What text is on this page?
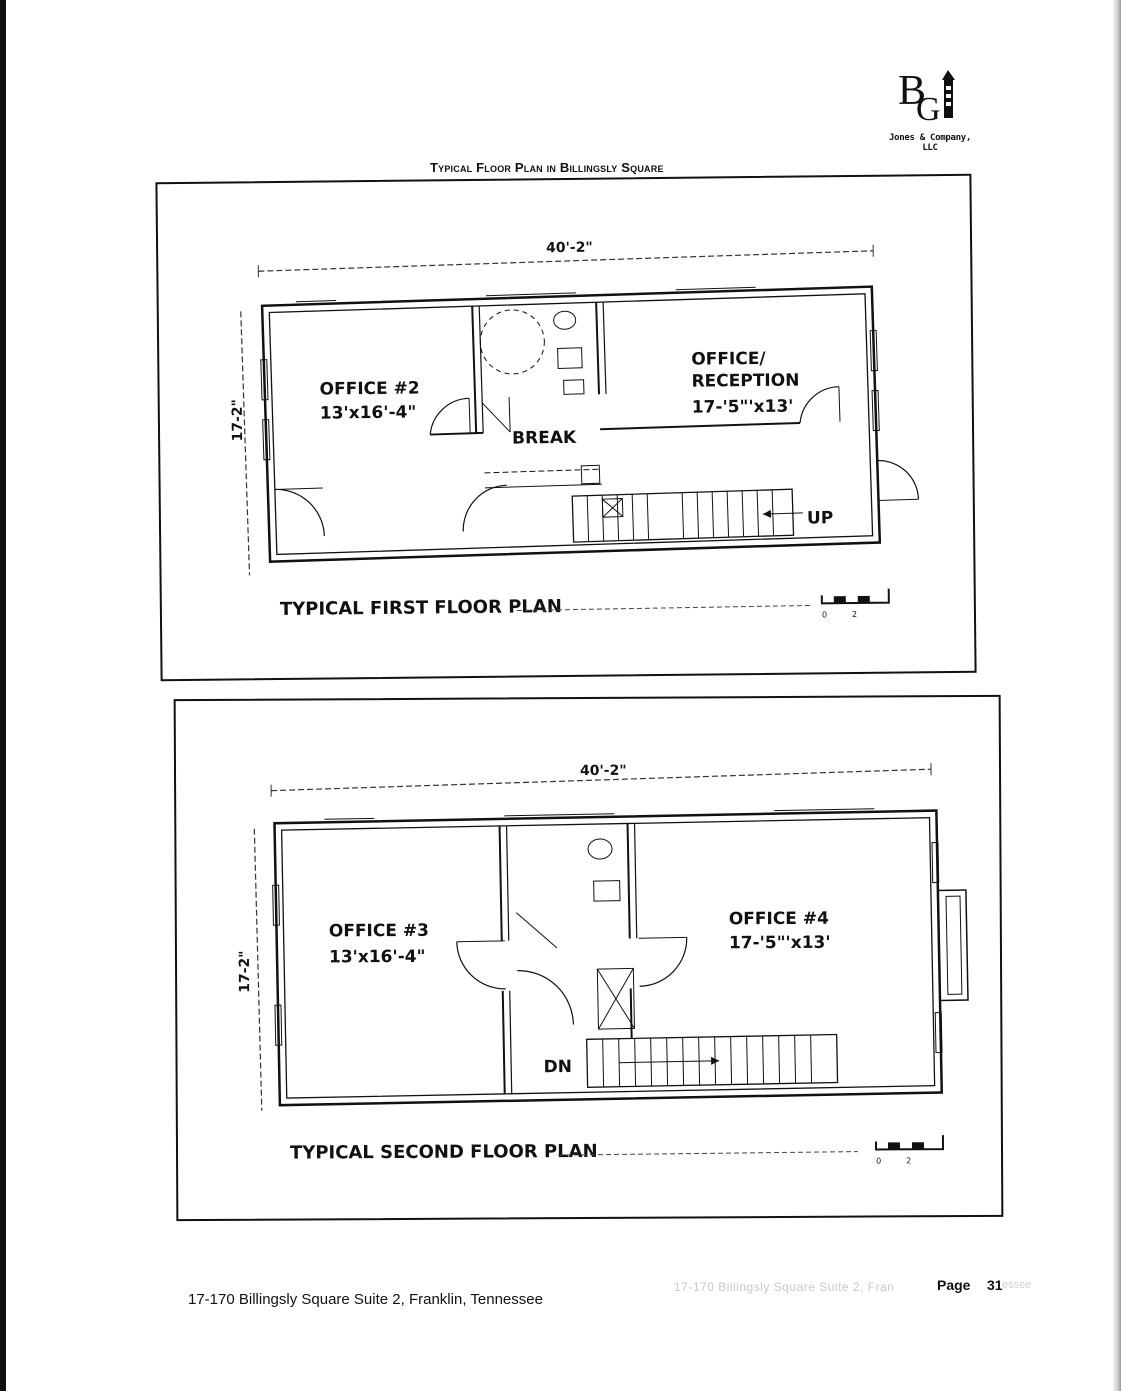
B
G
Jones & Company, LLC
Typical Floor Plan in Billingsly Square
40'-2"
17-2"
OFFICE #2
13'x16'-4"
BREAK
OFFICE/
RECEPTION
17-'5"'x13'
UP
TYPICAL FIRST FLOOR PLAN	0	2
40'-2"
17-2"
OFFICE #3
13'x16'-4"
OFFICE #4
17-'5"'x13'
DN
TYPICAL SECOND FLOOR PLAN	0	2
17-170 Billingsly Square Suite 2, Franklin, Tennessee
17-170 Billingsly Square Suite 2, Fran	Page 31 essee
